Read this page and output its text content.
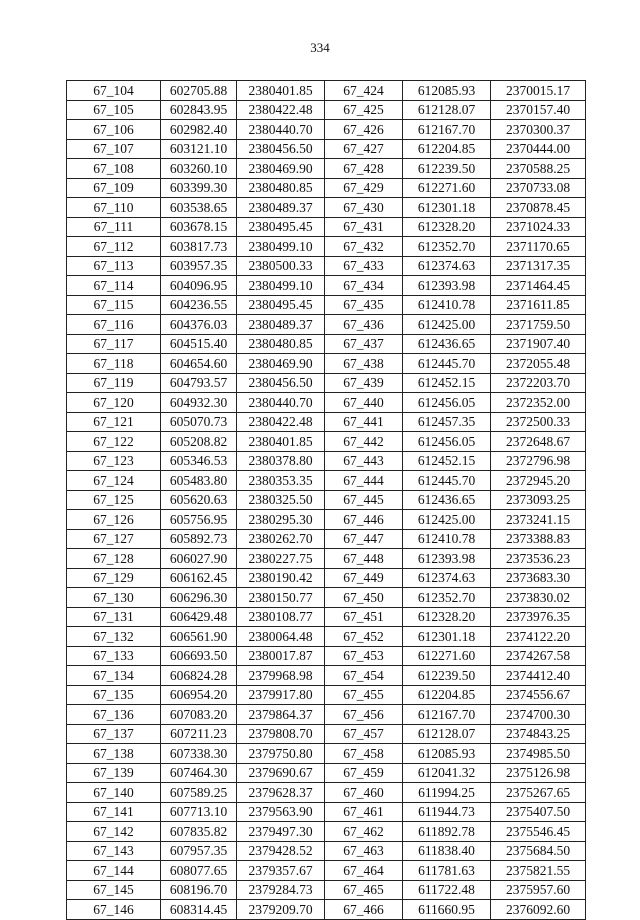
334
67_104	602705.88	2380401.85	67_424	612085.93	2370015.17
67_105	602843.95	2380422.48	67_425	612128.07	2370157.40
67_106	602982.40	2380440.70	67_426	612167.70	2370300.37
67_107	603121.10	2380456.50	67_427	612204.85	2370444.00
67_108	603260.10	2380469.90	67_428	612239.50	2370588.25
67_109	603399.30	2380480.85	67_429	612271.60	2370733.08
67_110	603538.65	2380489.37	67_430	612301.18	2370878.45
67_111	603678.15	2380495.45	67_431	612328.20	2371024.33
67_112	603817.73	2380499.10	67_432	612352.70	2371170.65
67_113	603957.35	2380500.33	67_433	612374.63	2371317.35
67_114	604096.95	2380499.10	67_434	612393.98	2371464.45
67_115	604236.55	2380495.45	67_435	612410.78	2371611.85
67_116	604376.03	2380489.37	67_436	612425.00	2371759.50
67_117	604515.40	2380480.85	67_437	612436.65	2371907.40
67_118	604654.60	2380469.90	67_438	612445.70	2372055.48
67_119	604793.57	2380456.50	67_439	612452.15	2372203.70
67_120	604932.30	2380440.70	67_440	612456.05	2372352.00
67_121	605070.73	2380422.48	67_441	612457.35	2372500.33
67_122	605208.82	2380401.85	67_442	612456.05	2372648.67
67_123	605346.53	2380378.80	67_443	612452.15	2372796.98
67_124	605483.80	2380353.35	67_444	612445.70	2372945.20
67_125	605620.63	2380325.50	67_445	612436.65	2373093.25
67_126	605756.95	2380295.30	67_446	612425.00	2373241.15
67_127	605892.73	2380262.70	67_447	612410.78	2373388.83
67_128	606027.90	2380227.75	67_448	612393.98	2373536.23
67_129	606162.45	2380190.42	67_449	612374.63	2373683.30
67_130	606296.30	2380150.77	67_450	612352.70	2373830.02
67_131	606429.48	2380108.77	67_451	612328.20	2373976.35
67_132	606561.90	2380064.48	67_452	612301.18	2374122.20
67_133	606693.50	2380017.87	67_453	612271.60	2374267.58
67_134	606824.28	2379968.98	67_454	612239.50	2374412.40
67_135	606954.20	2379917.80	67_455	612204.85	2374556.67
67_136	607083.20	2379864.37	67_456	612167.70	2374700.30
67_137	607211.23	2379808.70	67_457	612128.07	2374843.25
67_138	607338.30	2379750.80	67_458	612085.93	2374985.50
67_139	607464.30	2379690.67	67_459	612041.32	2375126.98
67_140	607589.25	2379628.37	67_460	611994.25	2375267.65
67_141	607713.10	2379563.90	67_461	611944.73	2375407.50
67_142	607835.82	2379497.30	67_462	611892.78	2375546.45
67_143	607957.35	2379428.52	67_463	611838.40	2375684.50
67_144	608077.65	2379357.67	67_464	611781.63	2375821.55
67_145	608196.70	2379284.73	67_465	611722.48	2375957.60
67_146	608314.45	2379209.70	67_466	611660.95	2376092.60
